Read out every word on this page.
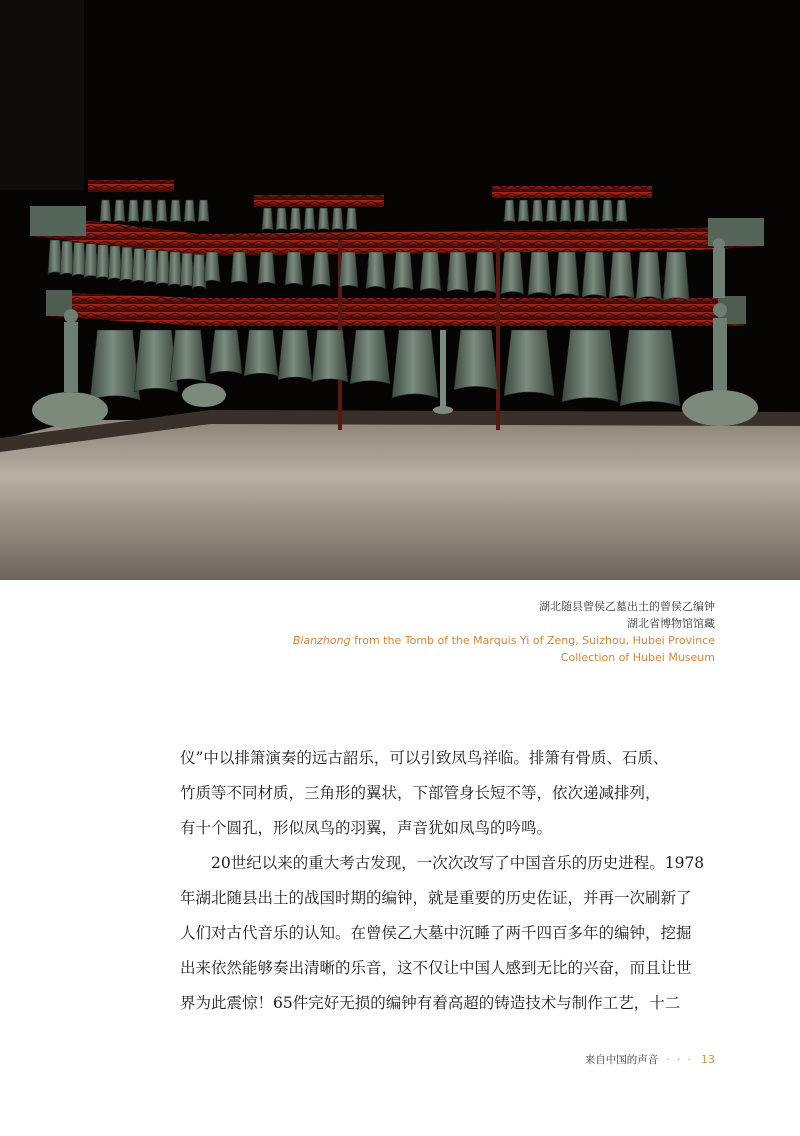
湖北随县曾侯乙墓出土的曾侯乙编钟
湖北省博物馆馆藏
Bianzhong from the Tomb of the Marquis Yi of Zeng, Suizhou, Hubei Province
Collection of Hubei Museum

仪”中以排箫演奏的远古韶乐，可以引致凤鸟祥临。排箫有骨质、石质、

竹质等不同材质，三角形的翼状，下部管身长短不等，依次递减排列，

有十个圆孔，形似凤鸟的羽翼，声音犹如凤鸟的吟鸣。

20世纪以来的重大考古发现，一次次改写了中国音乐的历史进程。1978

年湖北随县出土的战国时期的编钟，就是重要的历史佐证，并再一次刷新了

人们对古代音乐的认知。在曾侯乙大墓中沉睡了两千四百多年的编钟，挖掘

出来依然能够奏出清晰的乐音，这不仅让中国人感到无比的兴奋，而且让世

界为此震惊！65件完好无损的编钟有着高超的铸造技术与制作工艺，十二

来自中国的声音 · · · 13
